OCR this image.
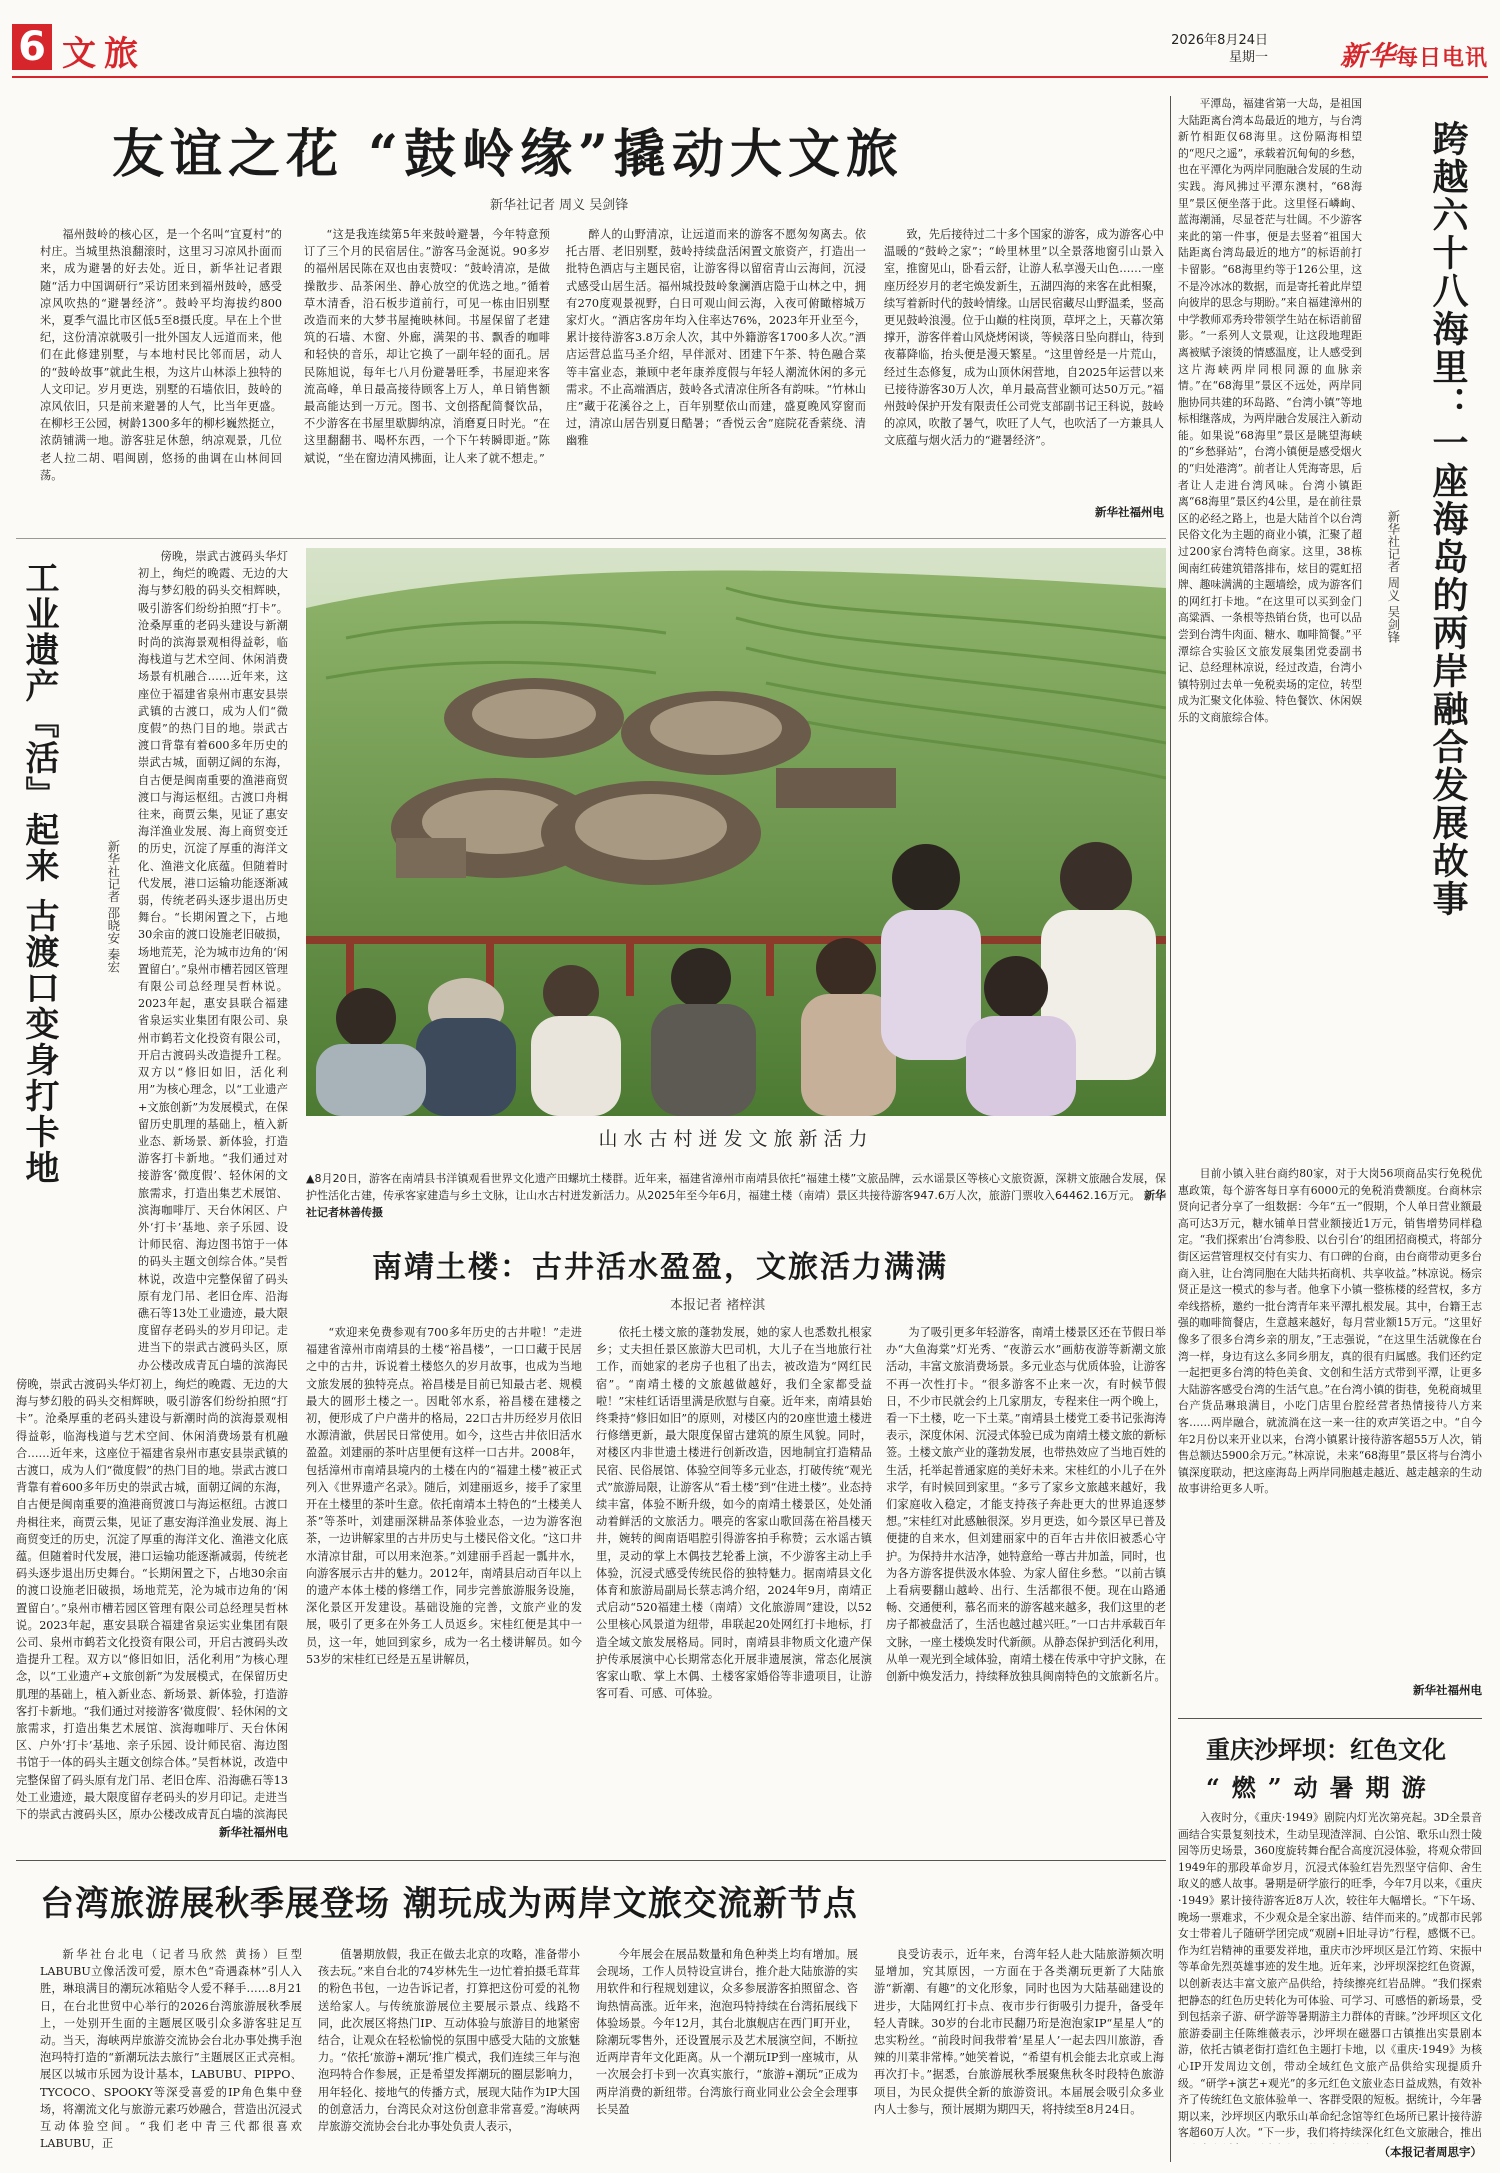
6 文旅	2026年8月24日
星期一	新华每日电讯
友谊之花 “鼓岭缘”撬动大文旅
新华社记者 周义 吴剑锋

福州鼓岭的核心区，是一个名叫“宜夏村”的村庄。当城里热浪翻滚时，这里习习凉风扑面而来，成为避暑的好去处。近日，新华社记者跟随“活力中国调研行”采访团来到福州鼓岭，感受凉风吹热的“避暑经济”。鼓岭平均海拔约800米，夏季气温比市区低5至8摄氏度。早在上个世纪，这份清凉就吸引一批外国友人远道而来，他们在此修建别墅，与本地村民比邻而居，动人的“鼓岭故事”就此生根，为这片山林添上独特的人文印记。岁月更迭，别墅的石墙依旧，鼓岭的凉风依旧，只是前来避暑的人气，比当年更盛。在柳杉王公园，树龄1300多年的柳杉巍然挺立，浓荫铺满一地。游客驻足休憩，纳凉观景，几位老人拉二胡、唱闽剧，悠扬的曲调在山林间回荡。

“这是我连续第5年来鼓岭避暑，今年特意预订了三个月的民宿居住。”游客马金涎说。90多岁的福州居民陈在双也由衷赞叹：“鼓岭清凉，是做操散步、品茶闲坐、静心放空的优选之地。”循着草木清香，沿石板步道前行，可见一栋由旧别墅改造而来的大梦书屋掩映林间。书屋保留了老建筑的石墙、木窗、外廊，满架的书、飘香的咖啡和轻快的音乐，却让它换了一副年轻的面孔。居民陈旭说，每年七八月份避暑旺季，书屋迎来客流高峰，单日最高接待顾客上万人，单日销售额最高能达到一万元。图书、文创搭配简餐饮品，不少游客在书屋里歇脚纳凉，消磨夏日时光。“在这里翻翻书、喝杯东西，一个下午转瞬即逝。”陈斌说，“坐在窗边清风拂面，让人来了就不想走。”

醉人的山野清凉，让远道而来的游客不愿匆匆离去。依托古厝、老旧别墅，鼓岭持续盘活闲置文旅资产，打造出一批特色酒店与主题民宿，让游客得以留宿青山云海间，沉浸式感受山居生活。福州城投鼓岭象澜酒店隐于山林之中，拥有270度观景视野，白日可观山间云海，入夜可俯瞰榕城万家灯火。“酒店客房年均入住率达76%，2023年开业至今，累计接待游客3.8万余人次，其中外籍游客1700多人次。”酒店运营总监马圣介绍，早伴派对、团建下午茶、特色融合菜等丰富业态，兼顾中老年康养度假与年轻人潮流休闲的多元需求。不止高端酒店，鼓岭各式清凉住所各有韵味。“竹林山庄”藏于花溪谷之上，百年别墅依山而建，盛夏晚风穿窗而过，清凉山居告别夏日酷暑；“香悦云舍”庭院花香萦绕、清幽雅

致，先后接待过二十多个国家的游客，成为游客心中温暖的“鼓岭之家”；“岭里林里”以全景落地窗引山景入室，推窗见山，卧看云舒，让游人私享漫天山色……一座座历经岁月的老宅焕发新生，五湖四海的来客在此相聚，续写着新时代的鼓岭情缘。山居民宿藏尽山野温柔，竖高更见鼓岭浪漫。位于山巅的柱岗顶，草坪之上，天幕次第撑开，游客伴着山风烧烤闲谈，等候落日坠向群山，待到夜幕降临，抬头便是漫天繁星。“这里曾经是一片荒山，经过生态修复，成为山顶休闲营地，自2025年运营以来已接待游客30万人次，单月最高营业额可达50万元。”福州鼓岭保护开发有限责任公司党支部副书记王科说，鼓岭的凉风，吹散了暑气，吹旺了人气，也吹活了一方兼具人文底蕴与烟火活力的“避暑经济”。

新华社福州电
山水古村迸发文旅新活力
▲8月20日，游客在南靖县书洋镇观看世界文化遗产田螺坑土楼群。近年来，福建省漳州市南靖县依托“福建土楼”文旅品牌，云水谣景区等核心文旅资源，深耕文旅融合发展，保护性活化古建，传承客家建造与乡土文脉，让山水古村迸发新活力。从2025年至今年6月，福建土楼（南靖）景区共接待游客947.6万人次，旅游门票收入64462.16万元。 新华社记者林善传摄
工业遗产『活』起来 古渡口变身打卡地	新华社记者 邵晓安 秦宏

傍晚，崇武古渡码头华灯初上，绚烂的晚霞、无边的大海与梦幻般的码头交相辉映，吸引游客们纷纷拍照“打卡”。沧桑厚重的老码头建设与新潮时尚的滨海景观相得益彰，临海栈道与艺术空间、休闲消费场景有机融合……近年来，这座位于福建省泉州市惠安县崇武镇的古渡口，成为人们“微度假”的热门目的地。崇武古渡口背靠有着600多年历史的崇武古城，面朝辽阔的东海，自古便是闽南重要的渔港商贸渡口与海运枢纽。古渡口舟楫往来，商贾云集，见证了惠安海洋渔业发展、海上商贸变迁的历史，沉淀了厚重的海洋文化、渔港文化底蕴。但随着时代发展，港口运输功能逐渐减弱，传统老码头逐步退出历史舞台。“长期闲置之下，占地30余亩的渡口设施老旧破损，场地荒芜，沦为城市边角的‘闲置留白’。”泉州市槽若园区管理有限公司总经理吴哲林说。2023年起，惠安县联合福建省泉运实业集团有限公司、泉州市鹤若文化投资有限公司，开启古渡码头改造提升工程。双方以“修旧如旧，活化利用”为核心理念，以“工业遗产+文旅创新”为发展模式，在保留历史肌理的基础上，植入新业态、新场景、新体验，打造游客打卡新地。“我们通过对接游客‘微度假’、轻休闲的文旅需求，打造出集艺术展馆、滨海咖啡厅、天台休闲区、户外‘打卡’基地、亲子乐园、设计师民宿、海边图书馆于一体的码头主题文创综合体。”吴哲林说，改造中完整保留了码头原有龙门吊、老旧仓库、沿海礁石等13处工业遗迹，最大限度留存老码头的岁月印记。走进当下的崇武古渡码头区，原办公楼改成青瓦白墙的滨海民

傍晚，崇武古渡码头华灯初上，绚烂的晚霞、无边的大海与梦幻般的码头交相辉映，吸引游客们纷纷拍照“打卡”。沧桑厚重的老码头建设与新潮时尚的滨海景观相得益彰，临海栈道与艺术空间、休闲消费场景有机融合……近年来，这座位于福建省泉州市惠安县崇武镇的古渡口，成为人们“微度假”的热门目的地。崇武古渡口背靠有着600多年历史的崇武古城，面朝辽阔的东海，自古便是闽南重要的渔港商贸渡口与海运枢纽。古渡口舟楫往来，商贾云集，见证了惠安海洋渔业发展、海上商贸变迁的历史，沉淀了厚重的海洋文化、渔港文化底蕴。但随着时代发展，港口运输功能逐渐减弱，传统老码头逐步退出历史舞台。“长期闲置之下，占地30余亩的渡口设施老旧破损，场地荒芜，沦为城市边角的‘闲置留白’。”泉州市槽若园区管理有限公司总经理吴哲林说。2023年起，惠安县联合福建省泉运实业集团有限公司、泉州市鹤若文化投资有限公司，开启古渡码头改造提升工程。双方以“修旧如旧，活化利用”为核心理念，以“工业遗产+文旅创新”为发展模式，在保留历史肌理的基础上，植入新业态、新场景、新体验，打造游客打卡新地。“我们通过对接游客‘微度假’、轻休闲的文旅需求，打造出集艺术展馆、滨海咖啡厅、天台休闲区、户外‘打卡’基地、亲子乐园、设计师民宿、海边图书馆于一体的码头主题文创综合体。”吴哲林说，改造中完整保留了码头原有龙门吊、老旧仓库、沿海礁石等13处工业遗迹，最大限度留存老码头的岁月印记。走进当下的崇武古渡码头区，原办公楼改成青瓦白墙的滨海民

新华社福州电
南靖土楼：古井活水盈盈，文旅活力满满
本报记者 褚梓淇

“欢迎来免费参观有700多年历史的古井啦！”走进福建省漳州市南靖县的土楼“裕昌楼”，一口口藏于民居之中的古井，诉说着土楼悠久的岁月故事，也成为当地文旅发展的独特亮点。裕昌楼是目前已知最古老、规模最大的圆形土楼之一。因毗邻水系，裕昌楼在建楼之初，便形成了户户凿井的格局，22口古井历经岁月依旧水源清澈，供居民日常使用。如今，这些古井依旧活水盈盈。刘建丽的茶叶店里便有这样一口古井。2008年，包括漳州市南靖县境内的土楼在内的“福建土楼”被正式列入《世界遗产名录》。随后，刘建丽返乡，接手了家里开在土楼里的茶叶生意。依托南靖本土特色的“土楼美人茶”等茶叶，刘建丽深耕品茶体验业态，一边为游客泡茶，一边讲解家里的古井历史与土楼民俗文化。“这口井水清凉甘甜，可以用来泡茶。”刘建丽手舀起一瓢井水，向游客展示古井的魅力。2012年，南靖县启动百年以上的遗产本体土楼的修缮工作，同步完善旅游服务设施，深化景区开发建设。基础设施的完善，文旅产业的发展，吸引了更多在外务工人员返乡。宋桂红便是其中一员，这一年，她回到家乡，成为一名土楼讲解员。如今53岁的宋桂红已经是五星讲解员，

依托土楼文旅的蓬勃发展，她的家人也悉数扎根家乡；丈夫担任景区旅游大巴司机，大儿子在当地旅行社工作，而她家的老房子也租了出去，被改造为“网红民宿”。“南靖土楼的文旅越做越好，我们全家都受益啦！”宋桂红话语里满是欣慰与自豪。近年来，南靖县始终秉持“修旧如旧”的原则，对楼区内的20座世遗土楼进行修缮更新，最大限度保留古建筑的原生风貌。同时，对楼区内非世遗土楼进行创新改造，因地制宜打造精品民宿、民俗展馆、体验空间等多元业态，打破传统“观光式”旅游局限，让游客从“看土楼”到“住进土楼”。业态持续丰富，体验不断升级，如今的南靖土楼景区，处处涌动着鲜活的文旅活力。喂亮的客家山歌回荡在裕昌楼天井，婉转的闽南语唱腔引得游客拍手称赞；云水谣古镇里，灵动的掌上木偶技艺轮番上演，不少游客主动上手体验，沉浸式感受传统民俗的独特魅力。据南靖县文化体育和旅游局副局长蔡志鸿介绍，2024年9月，南靖正式启动“520福建土楼（南靖）文化旅游周”建设，以52公里核心风景道为纽带，串联起20处网红打卡地标，打造全域文旅发展格局。同时，南靖县非物质文化遗产保护传承展演中心长期常态化开展非遗展演，常态化展演客家山歌、掌上木偶、土楼客家婚俗等非遗项目，让游客可看、可感、可体验。

为了吸引更多年轻游客，南靖土楼景区还在节假日举办“大鱼海棠”灯光秀、“夜游云水”画舫夜游等新潮文旅活动，丰富文旅消费场景。多元业态与优质体验，让游客不再一次性打卡。“很多游客不止来一次，有时候节假日，不少市民就会约上几家朋友，专程来住一两个晚上，看一下土楼，吃一下土菜。”南靖县土楼党工委书记张海涛表示，深度休闲、沉浸式体验已成为南靖土楼文旅的新标签。土楼文旅产业的蓬勃发展，也带热效应了当地百姓的生活，托举起普通家庭的美好未来。宋桂红的小儿子在外求学，有时候回到家里。“多亏了家乡文旅越来越好，我们家庭收入稳定，才能支持孩子奔赴更大的世界追逐梦想。”宋桂红对此感触很深。岁月更迭，如今景区早已普及便捷的自来水，但刘建丽家中的百年古井依旧被悉心守护。为保持井水洁净，她特意给一尊古井加盖，同时，也为各方游客提供汲水体验、为家人留住乡愁。“以前古镇上看病要翻山越岭、出行、生活都很不便。现在山路通畅、交通便利，慕名而来的游客越来越多，我们这里的老房子都被盘活了，生活也越过越兴旺。”一口古井承载百年文脉，一座土楼焕发时代新颜。从静态保护到活化利用，从单一观光到全域体验，南靖土楼在传承中守护文脉，在创新中焕发活力，持续释放独具闽南特色的文旅新名片。

跨越六十八海里：一座海岛的两岸融合发展故事
新华社记者 周义 吴剑锋

平潭岛，福建省第一大岛，是祖国大陆距离台湾本岛最近的地方，与台湾新竹相距仅68海里。这份隔海相望的“咫尺之遥”，承载着沉甸甸的乡愁，也在平潭化为两岸同胞融合发展的生动实践。海风拂过平潭东澳村，“68海里”景区便坐落于此。这里怪石嶙峋、蓝海潮涌，尽显苍茫与壮阔。不少游客来此的第一件事，便是去竖着“祖国大陆距离台湾岛最近的地方”的标语前打卡留影。“68海里约等于126公里，这不是冷冰冰的数据，而是寄托着此岸望向彼岸的思念与期盼。”来自福建漳州的中学教师邓秀玲带领学生站在标语前留影。“一系列人文景观，让这段地理距离被赋予滚烫的情感温度，让人感受到这片海峡两岸同根同源的血脉亲情。”在“68海里”景区不远处，两岸同胞协同共建的环岛路、“台湾小镇”等地标相继落成，为两岸融合发展注入新动能。如果说“68海里”景区是眺望海峡的“乡愁驿站”，台湾小镇便是感受烟火的“归处港湾”。前者让人凭海寄思，后者让人走进台湾风味。台湾小镇距离“68海里”景区约4公里，是在前往景区的必经之路上，也是大陆首个以台湾民俗文化为主题的商业小镇，汇聚了超过200家台湾特色商家。这里，38栋闽南红砖建筑错落排布，炫目的霓虹招牌、趣味满满的主题墙绘，成为游客们的网红打卡地。“在这里可以买到金门高粱酒、一条根等热销台货，也可以品尝到台湾牛肉面、糖水、咖啡简餐。”平潭综合实验区文旅发展集团党委副书记、总经理林凉说，经过改造，台湾小镇特别过去单一免税卖场的定位，转型成为汇聚文化体验、特色餐饮、休闲娱乐的文商旅综合体。

目前小镇入驻台商约80家，对于大岗56项商品实行免税优惠政策，每个游客每日享有6000元的免税消费额度。台商林宗贤向记者分享了一组数据：今年“五一”假期，个人单日营业额最高可达3万元，糖水铺单日营业额接近1万元，销售增势同样稳定。“我们探索出‘台湾参股、以台引台’的组团招商模式，将部分街区运营管理权交付有实力、有口碑的台商，由台商带动更多台商入驻，让台湾同胞在大陆共拓商机、共享收益。”林凉说。杨宗贤正是这一模式的参与者。他拿下小镇一整栋楼的经营权，多方牵线搭桥，邀约一批台湾青年来平潭扎根发展。其中，台籍王志强的咖啡简餐店，生意越来越好，每月营业额15万元。“这里好像多了很多台湾乡亲的朋友，”王志强说，“在这里生活就像在台湾一样，身边有这么多同乡朋友，真的很有归属感。我们还约定一起把更多台湾的特色美食、文创和生活方式带到平潭，让更多大陆游客感受台湾的生活气息。”在台湾小镇的街巷，免税商城里台产货品琳琅满目，小吃门店里台腔经营者热情接待八方来客……两岸融合，就流淌在这一来一往的欢声笑语之中。“自今年2月份以来开业以来，台湾小镇累计接待游客超55万人次，销售总额达5900余万元。”林凉说，未来“68海里”景区将与台湾小镇深度联动，把这座海岛上两岸同胞越走越近、越走越亲的生动故事讲给更多人听。

新华社福州电
重庆沙坪坝：红色文化
“燃”动暑期游

入夜时分，《重庆·1949》剧院内灯光次第亮起。3D全景音画结合实景复刻技术，生动呈现渣滓洞、白公馆、歌乐山烈士陵园等历史场景，360度旋转舞台配合高度沉浸体验，将观众带回1949年的那段革命岁月，沉浸式体验红岩先烈坚守信仰、舍生取义的感人故事。暑期是研学旅行的旺季，今年7月以来，《重庆·1949》累计接待游客近8万人次，较往年大幅增长。“下午场、晚场一票难求，不少观众是全家出游、结伴而来的。”成都市民郭女士带着儿子随研学团完成“观剧+旧址寻访”行程，感慨不已。作为红岩精神的重要发祥地，重庆市沙坪坝区是江竹筠、宋振中等革命先烈英雄事迹的发生地。近年来，沙坪坝深挖红色资源，以创新表达丰富文旅产品供给，持续擦亮红岩品牌。“我们探索把静态的红色历史转化为可体验、可学习、可感悟的新场景，受到包括亲子游、研学游等暑期游主力群体的青睐。”沙坪坝区文化旅游委副主任陈维薇表示，沙坪坝在磁器口古镇推出实景剧本游，依托古镇老街打造红色主题打卡地，以《重庆·1949》为核心IP开发周边文创，带动全域红色文旅产品供给实现提质升级。“研学+演艺+观光”的多元红色文旅业态日益成熟，有效补齐了传统红色文旅体验单一、客群受限的短板。据统计，今年暑期以来，沙坪坝区内歌乐山革命纪念馆等红色场所已累计接待游客超60万人次。“下一步，我们将持续深化红色文旅融合，推出

（本报记者周思宇）
台湾旅游展秋季展登场 潮玩成为两岸文旅交流新节点

新华社台北电（记者马欣然 黄扬）巨型LABUBU立像活泼可爱，原木色“奇遇森林”引人入胜，琳琅满目的潮玩冰箱贴令人爱不释手……8月21日，在台北世贸中心举行的2026台湾旅游展秋季展上，一处别开生面的主题展区吸引众多游客驻足互动。当天，海峡两岸旅游交流协会台北办事处携手泡泡玛特打造的“新潮玩法去旅行”主题展区正式亮相。展区以城市乐园为设计基本，LABUBU、PIPPO、TYCOCO、SPOOKY等深受喜爱的IP角色集中登场，将潮流文化与旅游元素巧妙融合，营造出沉浸式互动体验空间。“我们老中青三代都很喜欢LABUBU，正

值暑期放假，我正在做去北京的攻略，准备带小孩去玩。”来自台北的74岁林先生一边忙着拍摄毛茸茸的粉色书包，一边告诉记者，打算把这份可爱的礼物送给家人。与传统旅游展位主要展示景点、线路不同，此次展区将热门IP、互动体验与旅游目的地紧密结合，让观众在轻松愉悦的氛围中感受大陆的文旅魅力。“依托‘旅游+潮玩’推广模式，我们连续三年与泡泡玛特合作参展，正是希望发挥潮玩的圈层影响力，用年轻化、接地气的传播方式，展现大陆作为IP大国的创意活力，台湾民众对这份创意非常喜爱。”海峡两岸旅游交流协会台北办事处负责人表示，

今年展会在展品数量和角色种类上均有增加。展会现场，工作人员特设宣讲台，推介赴大陆旅游的实用软件和行程规划建议，众多参展游客拍照留念、咨询热情高涨。近年来，泡泡玛特持续在台湾拓展线下体验场景。今年12月，其台北旗舰店在西门町开业，除潮玩零售外，还设置展示及艺术展演空间，不断拉近两岸青年文化距离。从一个潮玩IP到一座城市，从一次展会打卡到一次真实旅行，“旅游+潮玩”正成为两岸消费的新纽带。台湾旅行商业同业公会全会理事长吴盈

良受访表示，近年来，台湾年轻人赴大陆旅游频次明显增加，究其原因，一方面在于各类潮玩更新了大陆旅游“新潮、有趣”的文化形象，同时也因为大陆基础建设的进步，大陆网红打卡点、夜市步行街吸引力提升，备受年轻人青睐。30岁的台北市民翻乃珩是泡泡家IP“星星人”的忠实粉丝。“前段时间我带着‘星星人’一起去四川旅游，香辣的川菜非常棒。”她笑着说，“希望有机会能去北京或上海再次打卡。”据悉，台旅游展秋季展聚焦秋冬时段特色旅游项目，为民众提供全新的旅游资讯。本届展会吸引众多业内人士参与，预计展期为期四天，将持续至8月24日。
